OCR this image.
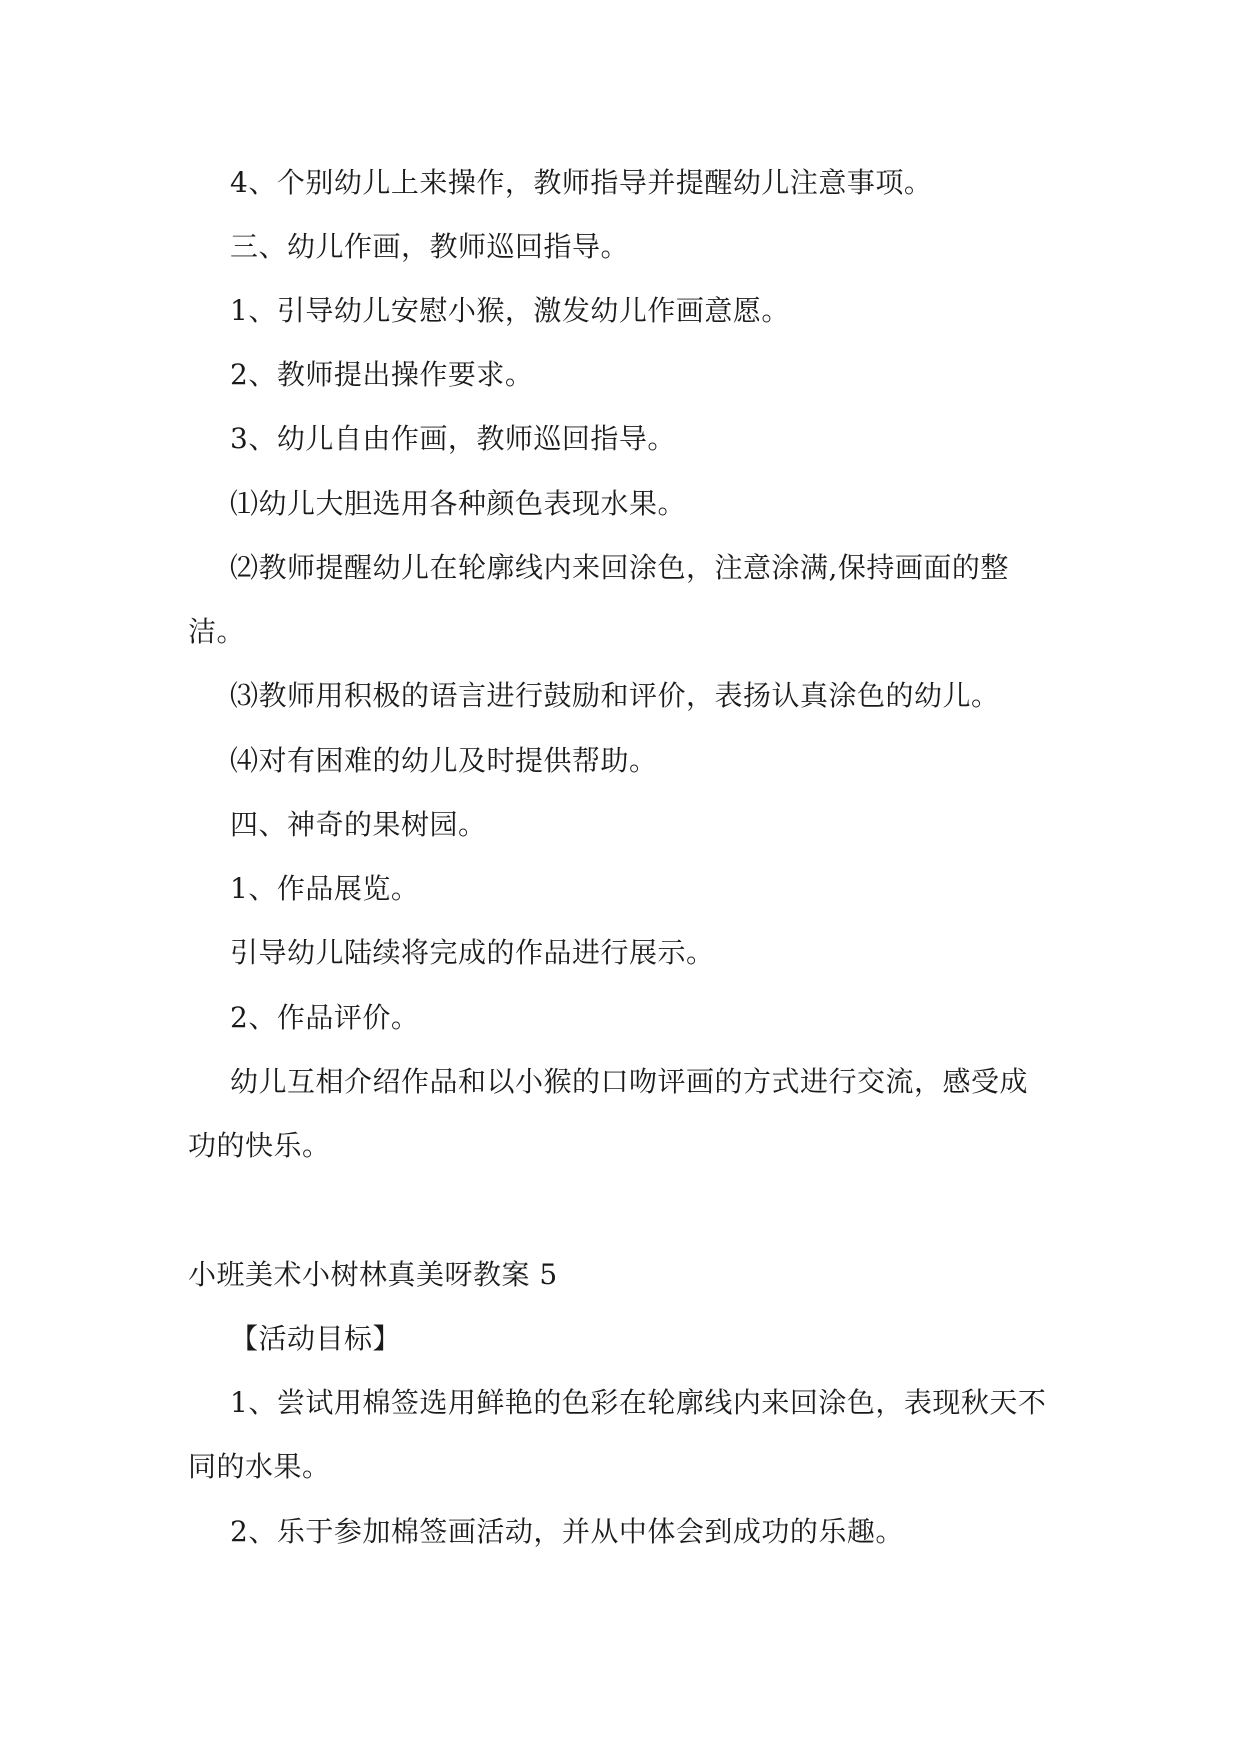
4、个别幼儿上来操作，教师指导并提醒幼儿注意事项。
三、幼儿作画，教师巡回指导。
1、引导幼儿安慰小猴，激发幼儿作画意愿。
2、教师提出操作要求。
3、幼儿自由作画，教师巡回指导。
⑴幼儿大胆选用各种颜色表现水果。
⑵教师提醒幼儿在轮廓线内来回涂色，注意涂满,保持画面的整
洁。
⑶教师用积极的语言进行鼓励和评价，表扬认真涂色的幼儿。
⑷对有困难的幼儿及时提供帮助。
四、神奇的果树园。
1、作品展览。
引导幼儿陆续将完成的作品进行展示。
2、作品评价。
幼儿互相介绍作品和以小猴的口吻评画的方式进行交流，感受成
功的快乐。
小班美术小树林真美呀教案 5
【活动目标】
1、尝试用棉签选用鲜艳的色彩在轮廓线内来回涂色，表现秋天不
同的水果。
2、乐于参加棉签画活动，并从中体会到成功的乐趣。
